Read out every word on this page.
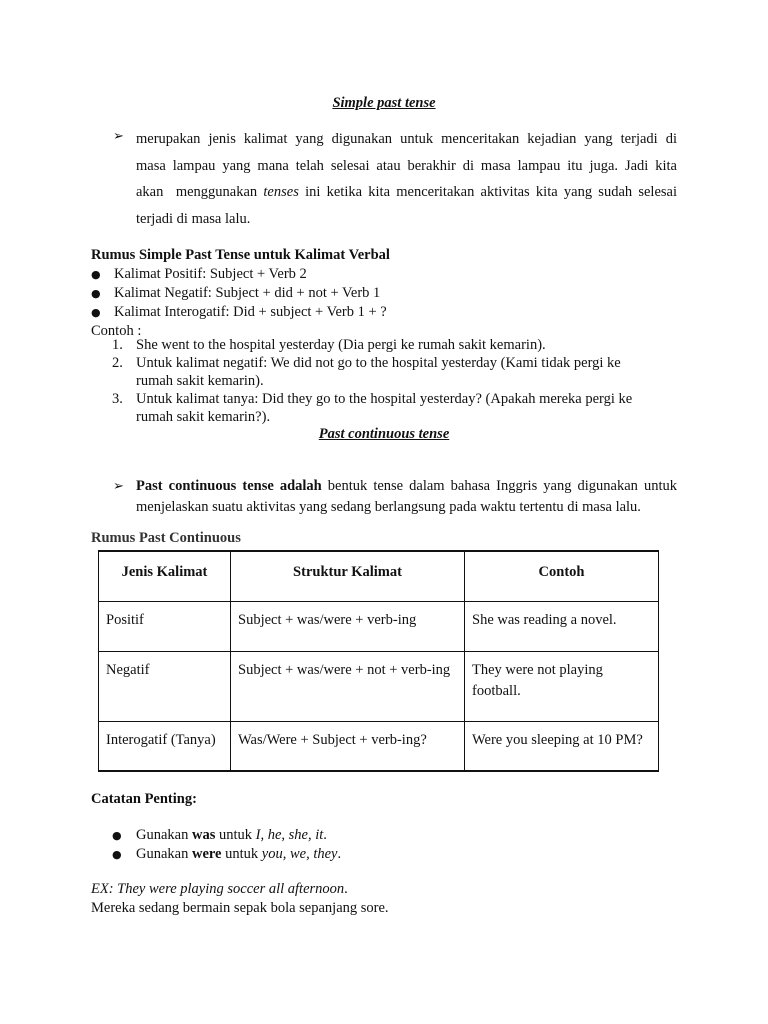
Simple past tense
➢ merupakan jenis kalimat yang digunakan untuk menceritakan kejadian yang terjadi di
masa lampau yang mana telah selesai atau berakhir di masa lampau itu juga. Jadi kita
akan  menggunakan tenses ini ketika kita menceritakan aktivitas kita yang sudah selesai
terjadi di masa lalu.
Rumus Simple Past Tense untuk Kalimat Verbal
● Kalimat Positif: Subject + Verb 2
● Kalimat Negatif: Subject + did + not + Verb 1
● Kalimat Interogatif: Did + subject + Verb 1 + ?
Contoh :
1. She went to the hospital yesterday (Dia pergi ke rumah sakit kemarin).
2. Untuk kalimat negatif: We did not go to the hospital yesterday (Kami tidak pergi ke
rumah sakit kemarin).
3. Untuk kalimat tanya: Did they go to the hospital yesterday? (Apakah mereka pergi ke
rumah sakit kemarin?).
Past continuous tense
➢ Past continuous tense adalah bentuk tense dalam bahasa Inggris yang digunakan untuk
menjelaskan suatu aktivitas yang sedang berlangsung pada waktu tertentu di masa lalu.
Rumus Past Continuous
Jenis Kalimat	Struktur Kalimat	Contoh
Positif	Subject + was/were + verb-ing	She was reading a novel.
Negatif	Subject + was/were + not + verb-ing	They were not playing football.
Interogatif (Tanya)	Was/Were + Subject + verb-ing?	Were you sleeping at 10 PM?
Catatan Penting:
● Gunakan was untuk I, he, she, it.
● Gunakan were untuk you, we, they.
EX: They were playing soccer all afternoon.
Mereka sedang bermain sepak bola sepanjang sore.
